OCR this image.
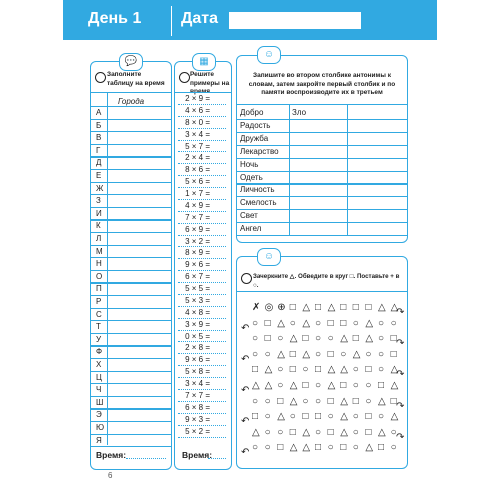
День 1 Дата
💬
Заполните таблицу на время
Города
А
Б
В
Г
Д
Е
Ж
З
И
К
Л
М
Н
О
П
Р
С
Т
У
Ф
Х
Ц
Ч
Ш
Э
Ю
Я
Время:
▦
Решите примеры на
2 × 9 =
4 × 6 =
8 × 0 =
3 × 4 =
5 × 7 =
2 × 4 =
8 × 6 =
5 × 6 =
1 × 7 =
4 × 9 =
7 × 7 =
6 × 9 =
3 × 2 =
8 × 9 =
9 × 6 =
6 × 7 =
5 × 5 =
5 × 3 =
4 × 8 =
3 × 9 =
0 × 5 =
2 × 8 =
9 × 6 =
5 × 8 =
3 × 4 =
7 × 7 =
6 × 8 =
9 × 3 =
5 × 2 =
Время:
☺
Запишите во втором столбике антонимы к словам, затем закройте первый столбик и по памяти воспроизводите их в третьем
Добро	Зло
Радость
Дружба
Лекарство
Ночь
Одеть
Личность
Смелость
Свет
Ангел
☺
Зачеркните △. Обведите в круг □. Поставьте + в ○.
✗ ◎ ⊕ □ △ □ △ □ □ □ △ △
↷
○ □ △ ○ △ ○ □ □ ○ △ ○ ○
↶
○ □ ○ △ □ ○ ○ △ □ △ ○ □ ↷
○ ○ △ □ △ ○ □ ○ △ ○ ○ □
↶
□ △ ○ □ ○ □ △ △ ○ □ ○ △
↷
△ △ ○ △ □ ○ △ □ ○ ○ □ △
↶
○ ○ □ △ ○ ○ □ △ □ ○ △ □ ↷
□ ○ △ ○ □ □ ○ △ ○ □ ○ △
↶
△ ○ ○ □ △ ○ □ △ ○ □ △ ○ ↷
○ ○ □ △ △ □ ○ □ ○ △ □ ○
↶
6
